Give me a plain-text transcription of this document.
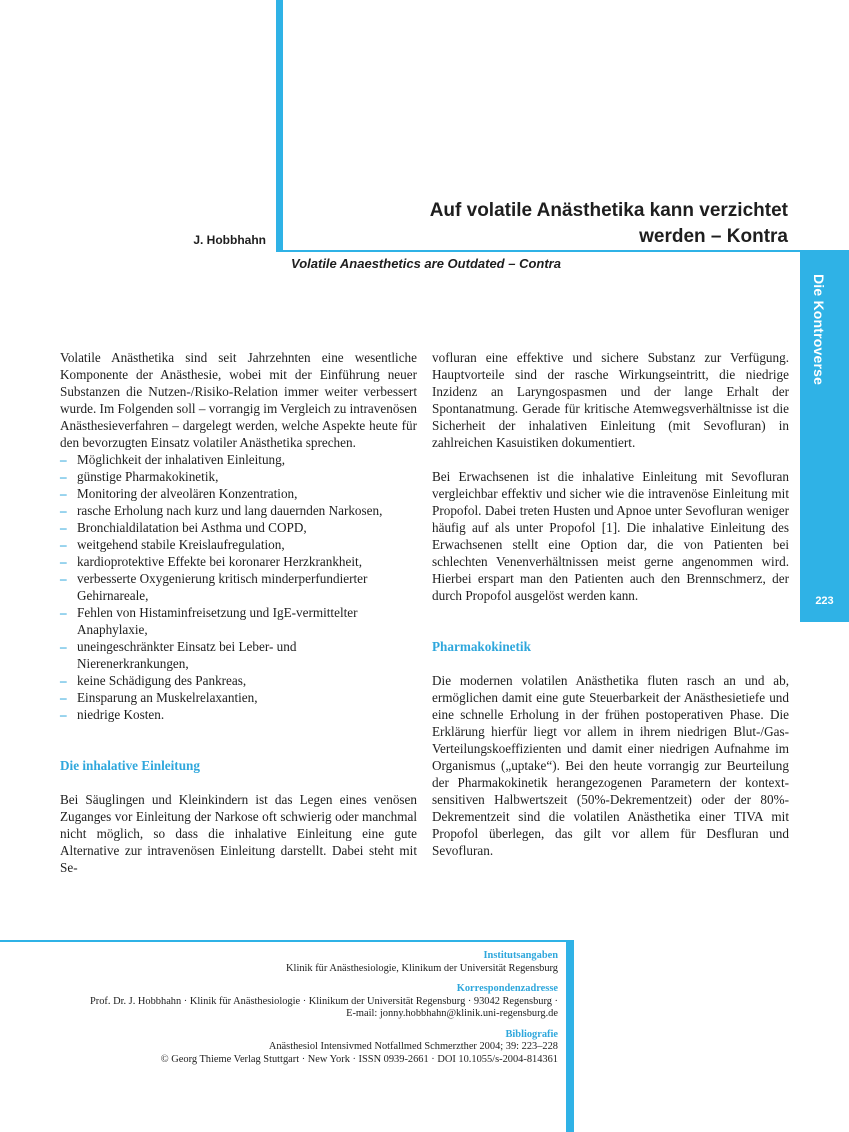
J. Hobbhahn
Auf volatile Anästhetika kann verzichtet
werden – Kontra
Volatile Anaesthetics are Outdated – Contra
Die Kontroverse
223

Volatile Anästhetika sind seit Jahrzehnten eine wesentliche Komponente der Anästhesie, wobei mit der Einführung neuer Substanzen die Nutzen-/Risiko-Relation immer weiter verbessert wurde. Im Folgenden soll – vorrangig im Vergleich zu intravenösen Anästhesieverfahren – dargelegt werden, welche Aspekte heute für den bevorzugten Einsatz volatiler Anästhetika sprechen.

– Möglichkeit der inhalativen Einleitung,
– günstige Pharmakokinetik,
– Monitoring der alveolären Konzentration,
– rasche Erholung nach kurz und lang dauernden Narkosen,
– Bronchialdilatation bei Asthma und COPD,
– weitgehend stabile Kreislaufregulation,
– kardioprotektive Effekte bei koronarer Herzkrankheit,
– verbesserte Oxygenierung kritisch minderperfundierter Gehirnareale,
– Fehlen von Histaminfreisetzung und IgE-vermittelter Anaphylaxie,
– uneingeschränkter Einsatz bei Leber- und Nierenerkrankungen,
– keine Schädigung des Pankreas,
– Einsparung an Muskelrelaxantien,
– niedrige Kosten.
Die inhalative Einleitung

Bei Säuglingen und Kleinkindern ist das Legen eines venösen Zuganges vor Einleitung der Narkose oft schwierig oder manchmal nicht möglich, so dass die inhalative Einleitung eine gute Alternative zur intravenösen Einleitung darstellt. Dabei steht mit Se-

vofluran eine effektive und sichere Substanz zur Verfügung. Hauptvorteile sind der rasche Wirkungseintritt, die niedrige Inzidenz an Laryngospasmen und der lange Erhalt der Spontanatmung. Gerade für kritische Atemwegsverhältnisse ist die Sicherheit der inhalativen Einleitung (mit Sevofluran) in zahlreichen Kasuistiken dokumentiert.

Bei Erwachsenen ist die inhalative Einleitung mit Sevofluran vergleichbar effektiv und sicher wie die intravenöse Einleitung mit Propofol. Dabei treten Husten und Apnoe unter Sevofluran weniger häufig auf als unter Propofol [1]. Die inhalative Einleitung des Erwachsenen stellt eine Option dar, die von Patienten bei schlechten Venenverhältnissen meist gerne angenommen wird. Hierbei erspart man den Patienten auch den Brennschmerz, der durch Propofol ausgelöst werden kann.

Pharmakokinetik

Die modernen volatilen Anästhetika fluten rasch an und ab, ermöglichen damit eine gute Steuerbarkeit der Anästhesietiefe und eine schnelle Erholung in der frühen postoperativen Phase. Die Erklärung hierfür liegt vor allem in ihrem niedrigen Blut-/Gas-Verteilungskoeffizienten und damit einer niedrigen Aufnahme im Organismus („uptake“). Bei den heute vorrangig zur Beurteilung der Pharmakokinetik herangezogenen Parametern der kontext-sensitiven Halbwertszeit (50%-Dekrementzeit) oder der 80%-Dekrementzeit sind die volatilen Anästhetika einer TIVA mit Propofol überlegen, das gilt vor allem für Desfluran und Sevofluran.

Institutsangaben
Klinik für Anästhesiologie, Klinikum der Universität Regensburg
Korrespondenzadresse
Prof. Dr. J. Hobbhahn · Klinik für Anästhesiologie · Klinikum der Universität Regensburg · 93042 Regensburg ·
E-mail: jonny.hobbhahn@klinik.uni-regensburg.de
Bibliografie
Anästhesiol Intensivmed Notfallmed Schmerzther 2004; 39: 223–228
© Georg Thieme Verlag Stuttgart · New York · ISSN 0939-2661 · DOI 10.1055/s-2004-814361
